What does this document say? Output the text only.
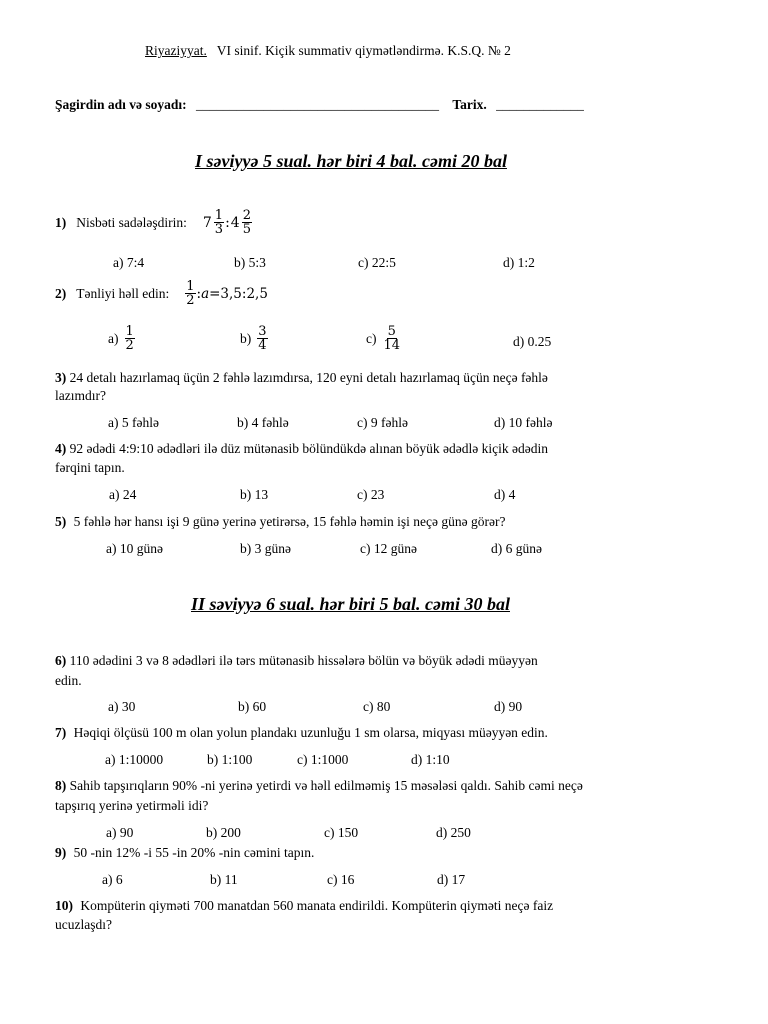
Riyaziyyat. VI sinif. Kiçik summativ qiymətləndirmə. K.S.Q. № 2
Şagirdin adı və soyadı: ____________________________________ Tarix. _____________
I səviyyə 5 sual. hər biri 4 bal. cəmi 20 bal
1) Nisbəti sadələşdirin: $7 \frac{1}{3}$ : $4 \frac{2}{5}$
a) 7:4	b) 5:3	c) 22:5	d) 1:2
2) Tənliyi həll edin: $\frac{1}{2}$ :𝑎=3,5:2,5
$a) \frac{1}{2}$	$b) \frac{3}{4}$	$c) \frac{5}{14}$	d) 0.25
3) 24 detalı hazırlamaq üçün 2 fəhlə lazımdırsa, 120 eyni detalı hazırlamaq üçün neçə fəhlə
lazımdır?
a) 5 fəhlə	b) 4 fəhlə	c) 9 fəhlə	d) 10 fəhlə
4) 92 ədədi 4:9:10 ədədləri ilə düz mütənasib bölündükdə alınan böyük ədədlə kiçik ədədin
fərqini tapın.
a) 24	b) 13	c) 23	d) 4
5) 5 fəhlə hər hansı işi 9 günə yerinə yetirərsə, 15 fəhlə həmin işi neçə günə görər?
a) 10 günə	b) 3 günə	c) 12 günə	d) 6 günə
II səviyyə 6 sual. hər biri 5 bal. cəmi 30 bal
6) 110 ədədini 3 və 8 ədədləri ilə tərs mütənasib hissələrə bölün və böyük ədədi müəyyən
edin.
a) 30	b) 60	c) 80	d) 90
7) Həqiqi ölçüsü 100 m olan yolun plandakı uzunluğu 1 sm olarsa, miqyası müəyyən edin.
a) 1:10000	b) 1:100	c) 1:1000	d) 1:10
8) Sahib tapşırıqların 90% -ni yerinə yetirdi və həll edilməmiş 15 məsələsi qaldı. Sahib cəmi neçə
tapşırıq yerinə yetirməli idi?
a) 90	b) 200	c) 150	d) 250
9) 50 -nin 12% -i 55 -in 20% -nin cəmini tapın.
a) 6	b) 11	c) 16	d) 17
10) Kompüterin qiyməti 700 manatdan 560 manata endirildi. Kompüterin qiyməti neçə faiz
ucuzlaşdı?
